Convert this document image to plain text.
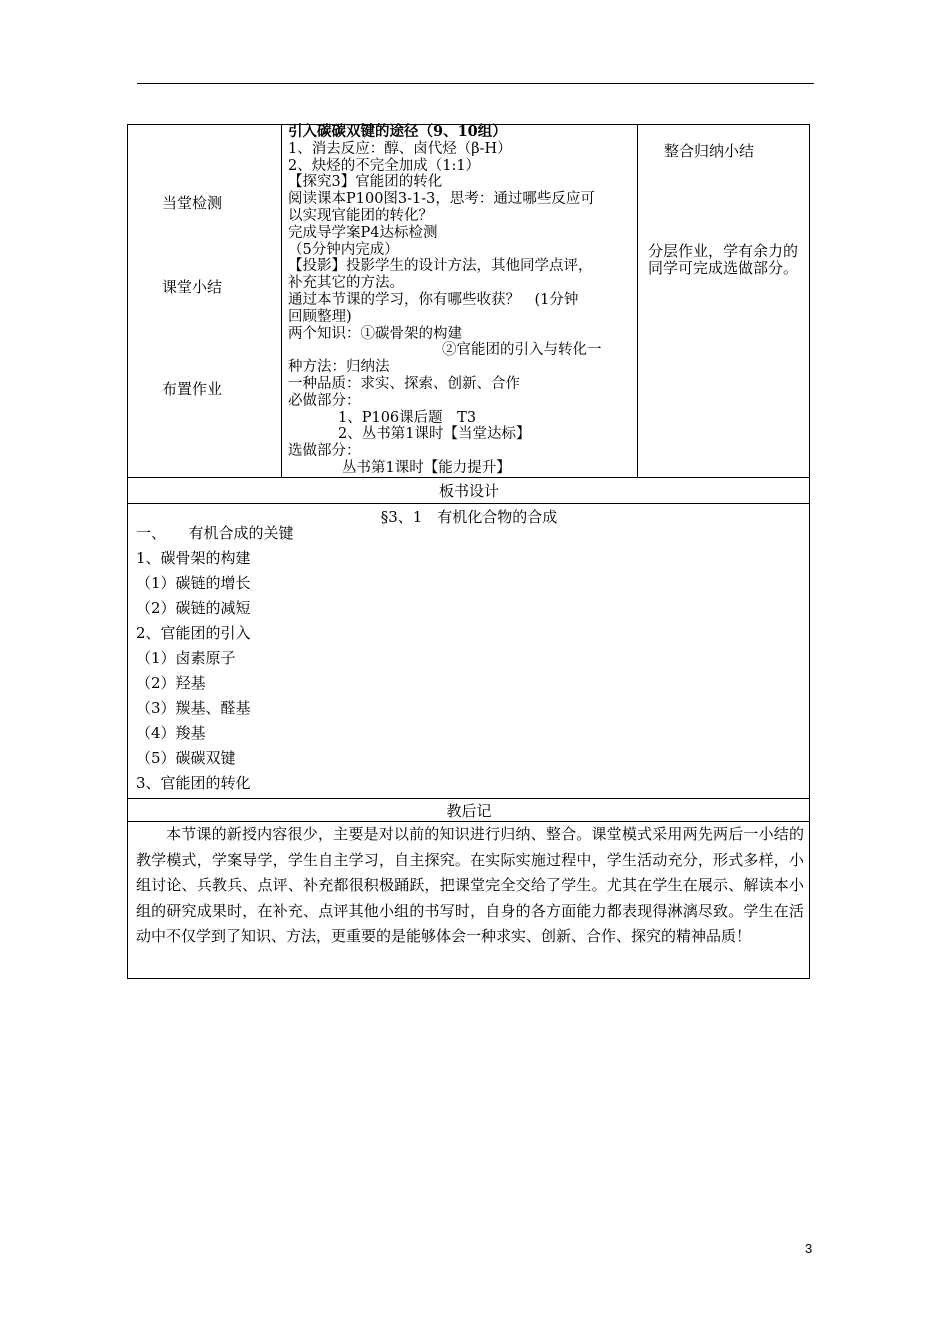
当堂检测
课堂小结
布置作业
引入碳碳双键的途径（9、10组）
1、消去反应：醇、卤代烃（β-H）
2、炔烃的不完全加成（1:1）
【探究3】官能团的转化
阅读课本P100图3-1-3，思考：通过哪些反应可
以实现官能团的转化？
完成导学案P4达标检测
（5分钟内完成）
【投影】投影学生的设计方法，其他同学点评，
补充其它的方法。
通过本节课的学习，你有哪些收获？　(1分钟
回顾整理)
两个知识：①碳骨架的构建
②官能团的引入与转化一
种方法：归纳法
一种品质：求实、探索、创新、合作
必做部分：
1、P106课后题　T3
2、丛书第1课时【当堂达标】
选做部分：
丛书第1课时【能力提升】
整合归纳小结
分层作业，学有余力的同学可完成选做部分。
板书设计
§3、1　有机化合物的合成
一、　　有机合成的关键
1、碳骨架的构建
（1）碳链的增长
（2）碳链的减短
2、官能团的引入
（1）卤素原子
（2）羟基
（3）羰基、醛基
（4）羧基
（5）碳碳双键
3、官能团的转化
教后记
本节课的新授内容很少，主要是对以前的知识进行归纳、整合。课堂模式采用两先两后一小结的教学模式，学案导学，学生自主学习，自主探究。在实际实施过程中，学生活动充分，形式多样，小组讨论、兵教兵、点评、补充都很积极踊跃，把课堂完全交给了学生。尤其在学生在展示、解读本小组的研究成果时，在补充、点评其他小组的书写时，自身的各方面能力都表现得淋漓尽致。学生在活动中不仅学到了知识、方法，更重要的是能够体会一种求实、创新、合作、探究的精神品质！
3
